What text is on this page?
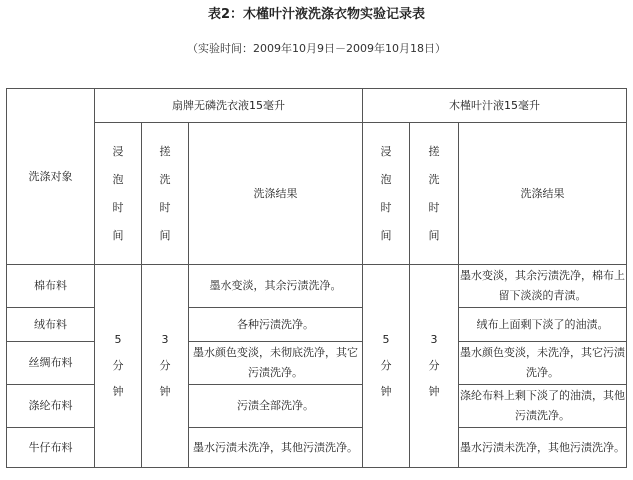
表2：木槿叶汁液洗涤衣物实验记录表
（实验时间：2009年10月9日－2009年10月18日）
洗涤对象	扇牌无磷洗衣液15毫升			木槿叶汁液15毫升		

	浸
泡
时
间	搓
洗
时
间	洗涤结果	浸
泡
时
间	搓
洗
时
间	洗涤结果
棉布料	5
分
钟	3
分
钟	墨水变淡，其余污渍洗净。	5
分
钟	3
分
钟	墨水变淡，其余污渍洗净，棉布上留下淡淡的青渍。
绒布料			各种污渍洗净。			绒布上面剩下淡了的油渍。
丝绸布料			墨水颜色变淡，未彻底洗净，其它污渍洗净。			墨水颜色变淡，未洗净，其它污渍洗净。
涤纶布料			污渍全部洗净。			涤纶布料上剩下淡了的油渍，其他污渍洗净。
牛仔布料			墨水污渍未洗净，其他污渍洗净。			墨水污渍未洗净，其他污渍洗净。
